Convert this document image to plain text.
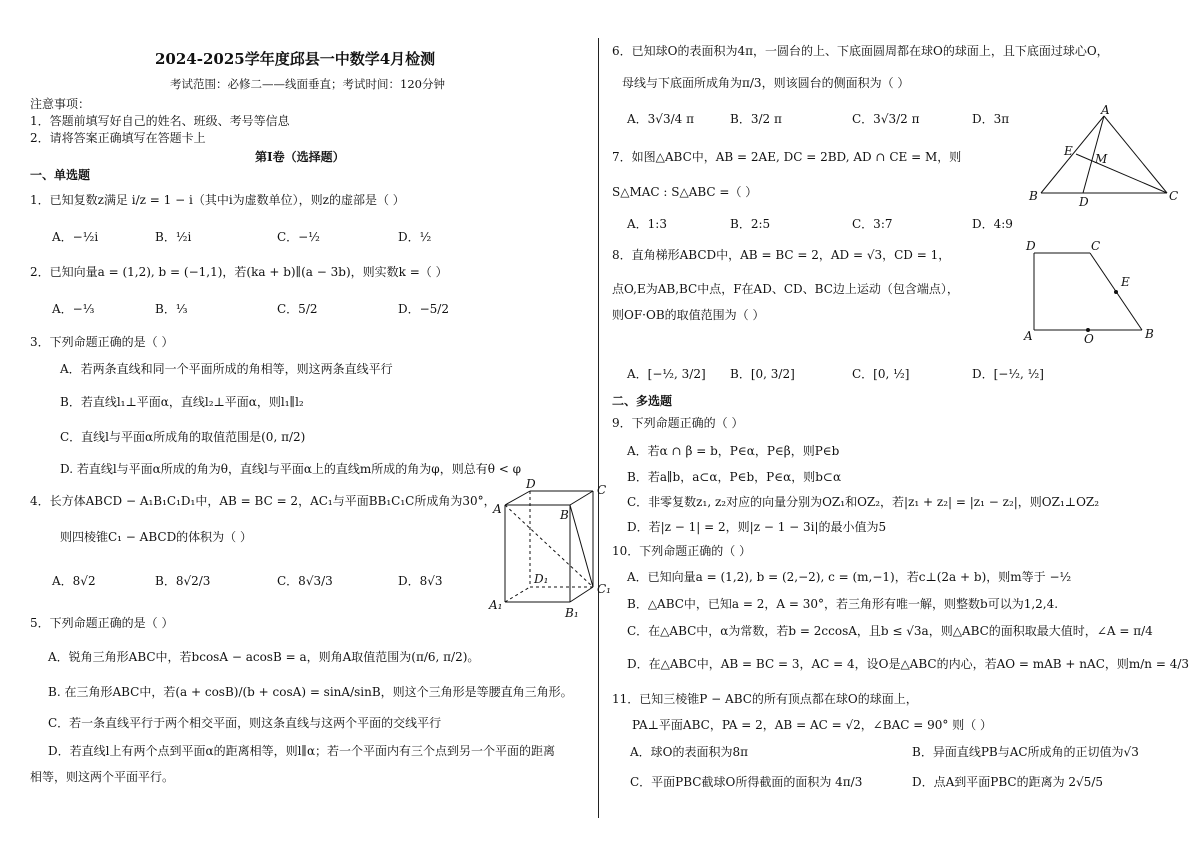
2024-2025学年度邱县一中数学4月检测
考试范围：必修二——线面垂直；考试时间：120分钟
注意事项：
1．答题前填写好自己的姓名、班级、考号等信息
2．请将答案正确填写在答题卡上
第I卷（选择题）
一、单选题
1．已知复数z满足 i/z = 1 − i（其中i为虚数单位），则z的虚部是（ ）
A．−½i	B．½i	C．−½	D．½
2．已知向量a = (1,2), b = (−1,1)，若(ka + b)∥(a − 3b)，则实数k =（ ）
A．−⅓	B．⅓	C．5/2	D．−5/2
3．下列命题正确的是（ ）
A．若两条直线和同一个平面所成的角相等，则这两条直线平行
B．若直线l₁⊥平面α，直线l₂⊥平面α，则l₁∥l₂
C．直线l与平面α所成角的取值范围是(0, π/2)
D. 若直线l与平面α所成的角为θ，直线l与平面α上的直线m所成的角为φ，则总有θ < φ
4．长方体ABCD − A₁B₁C₁D₁中，AB = BC = 2，AC₁与平面BB₁C₁C所成角为30°，
则四棱锥C₁ − ABCD的体积为（ ）
A．8√2	B．8√2/3	C．8√3/3	D．8√3
D	C
A	B
D₁
C₁
A₁
B₁
5．下列命题正确的是（ ）
A．锐角三角形ABC中，若bcosA − acosB = a，则角A取值范围为(π/6, π/2)。
B. 在三角形ABC中，若(a + cosB)/(b + cosA) = sinA/sinB，则这个三角形是等腰直角三角形。
C．若一条直线平行于两个相交平面，则这条直线与这两个平面的交线平行
D．若直线l上有两个点到平面α的距离相等，则l∥α；若一个平面内有三个点到另一个平面的距离
相等，则这两个平面平行。
6．已知球O的表面积为4π，一圆台的上、下底面圆周都在球O的球面上，且下底面过球心O，
母线与下底面所成角为π/3，则该圆台的侧面积为（ ）
A．3√3/4 π	B．3/2 π	C．3√3/2 π	D．3π
7．如图△ABC中，AB = 2AE, DC = 2BD, AD ∩ CE = M，则
S△MAC : S△ABC =（ ）
A．1:3	B．2:5	C．3:7	D．4:9
A
E
M
B	D	C
8．直角梯形ABCD中，AB = BC = 2，AD = √3，CD = 1，
点O,E为AB,BC中点，F在AD、CD、BC边上运动（包含端点），
则OF·OB的取值范围为（ ）
A．[−½, 3/2] B．[0, 3/2]	C．[0, ½]	D．[−½, ½]
D	C
E
A	O	B
二、多选题
9．下列命题正确的（ ）
A．若α ∩ β = b，P∈α，P∈β，则P∈b
B．若a∥b，a⊂α，P∈b，P∈α，则b⊂α
C．非零复数z₁, z₂对应的向量分别为OZ₁和OZ₂，若|z₁ + z₂| = |z₁ − z₂|，则OZ₁⊥OZ₂
D．若|z − 1| = 2，则|z − 1 − 3i|的最小值为5
10．下列命题正确的（ ）
A．已知向量a = (1,2), b = (2,−2), c = (m,−1)，若c⊥(2a + b)，则m等于 −½
B．△ABC中，已知a = 2，A = 30°，若三角形有唯一解，则整数b可以为1,2,4.
C．在△ABC中，α为常数，若b = 2ccosA，且b ≤ √3a，则△ABC的面积取最大值时，∠A = π/4
D．在△ABC中，AB = BC = 3，AC = 4，设O是△ABC的内心，若AO = mAB + nAC，则m/n = 4/3
11．已知三棱锥P − ABC的所有顶点都在球O的球面上，
PA⊥平面ABC，PA = 2，AB = AC = √2，∠BAC = 90° 则（ ）
A．球O的表面积为8π	B．异面直线PB与AC所成角的正切值为√3
C．平面PBC截球O所得截面的面积为 4π/3	D．点A到平面PBC的距离为 2√5/5
